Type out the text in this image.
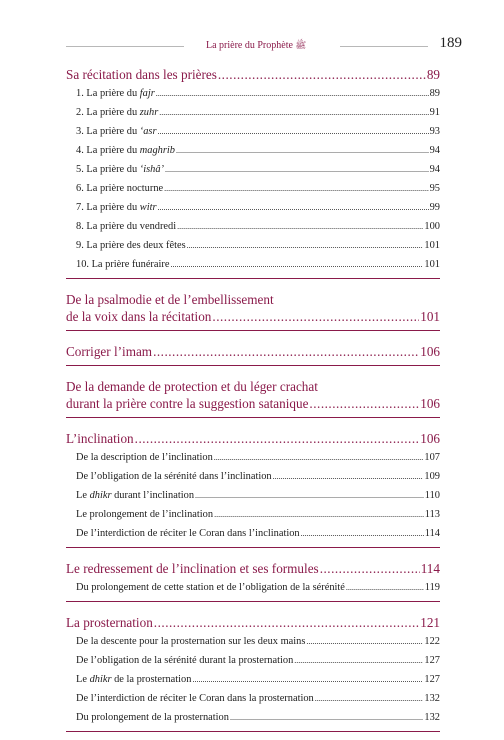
La prière du Prophète ﷺ	189
Sa récitation dans les prières .....	89
1. La prière du fajr .....	89
2. La prière du zuhr .....	91
3. La prière du ‘asr .....	93
4. La prière du maghrib .....	94
5. La prière du ‘ishâ’ .....	94
6. La prière nocturne .....	95
7. La prière du witr .....	99
8. La prière du vendredi .....	100
9. La prière des deux fêtes .....	101
10. La prière funéraire .....	101
De la psalmodie et de l’embellissement
de la voix dans la récitation .....	101
Corriger l’imam .....	106
De la demande de protection et du léger crachat
durant la prière contre la suggestion satanique .....	106
L’inclination .....	106
De la description de l’inclination .....	107
De l’obligation de la sérénité dans l’inclination .....	109
Le dhikr durant l’inclination .....	110
Le prolongement de l’inclination .....	113
De l’interdiction de réciter le Coran dans l’inclination .....	114
Le redressement de l’inclination et ses formules .....	114
Du prolongement de cette station et de l’obligation de la sérénité .....	119
La prosternation .....	121
De la descente pour la prosternation sur les deux mains .....	122
De l’obligation de la sérénité durant la prosternation .....	127
Le dhikr de la prosternation .....	127
De l’interdiction de réciter le Coran dans la prosternation .....	132
Du prolongement de la prosternation .....	132
